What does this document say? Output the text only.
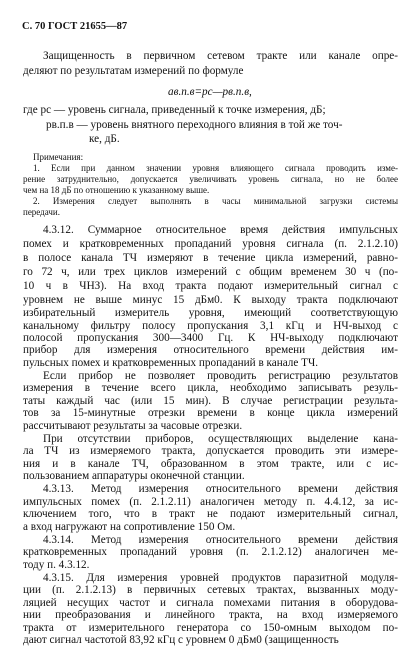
С. 70 ГОСТ 21655—87
Защищенность в первичном сетевом тракте или канале опре-
деляют по результатам измерений по формуле
ав.п.в=pc—pв.п.в,
где pc — уровень сигнала, приведенный к точке измерения, дБ;
pв.п.в — уровень внятного переходного влияния в той же точ-
ке, дБ.
Примечания:
1. Если при данном значении уровня влияющего сигнала проводить изме-
рение затруднительно, допускается увеличивать уровень сигнала, но не более
чем на 18 дБ по отношению к указанному выше.
2. Измерения следует выполнять в часы минимальной загрузки системы
передачи.
4.3.12. Суммарное относительное время действия импульсных
помех и кратковременных пропаданий уровня сигнала (п. 2.1.2.10)
в полосе канала ТЧ измеряют в течение цикла измерений, равно-
го 72 ч, или трех циклов измерений с общим временем 30 ч (по-
10 ч в ЧНЗ). На вход тракта подают измерительный сигнал с
уровнем не выше минус 15 дБм0. К выходу тракта подключают
избирательный измеритель уровня, имеющий соответствующую
канальному фильтру полосу пропускания 3,1 кГц и НЧ-выход с
полосой пропускания 300—3400 Гц. К НЧ-выходу подключают
прибор для измерения относительного времени действия им-
пульсных помех и кратковременных пропаданий в канале ТЧ.
Если прибор не позволяет проводить регистрацию результатов
измерения в течение всего цикла, необходимо записывать резуль-
таты каждый час (или 15 мин). В случае регистрации результа-
тов за 15-минутные отрезки времени в конце цикла измерений
рассчитывают результаты за часовые отрезки.
При отсутствии приборов, осуществляющих выделение кана-
ла ТЧ из измеряемого тракта, допускается проводить эти измере-
ния и в канале ТЧ, образованном в этом тракте, или с ис-
пользованием аппаратуры оконечной станции.
4.3.13. Метод измерения относительного времени действия
импульсных помех (п. 2.1.2.11) аналогичен методу п. 4.4.12, за ис-
ключением того, что в тракт не подают измерительный сигнал,
а вход нагружают на сопротивление 150 Ом.
4.3.14. Метод измерения относительного времени действия
кратковременных пропаданий уровня (п. 2.1.2.12) аналогичен ме-
тоду п. 4.3.12.
4.3.15. Для измерения уровней продуктов паразитной модуля-
ции (п. 2.1.2.13) в первичных сетевых трактах, вызванных моду-
ляцией несущих частот и сигнала помехами питания в оборудова-
нии преобразования и линейного тракта, на вход измеряемого
тракта от измерительного генератора со 150-омным выходом по-
дают сигнал частотой 83,92 кГц с уровнем 0 дБм0 (защищенность
